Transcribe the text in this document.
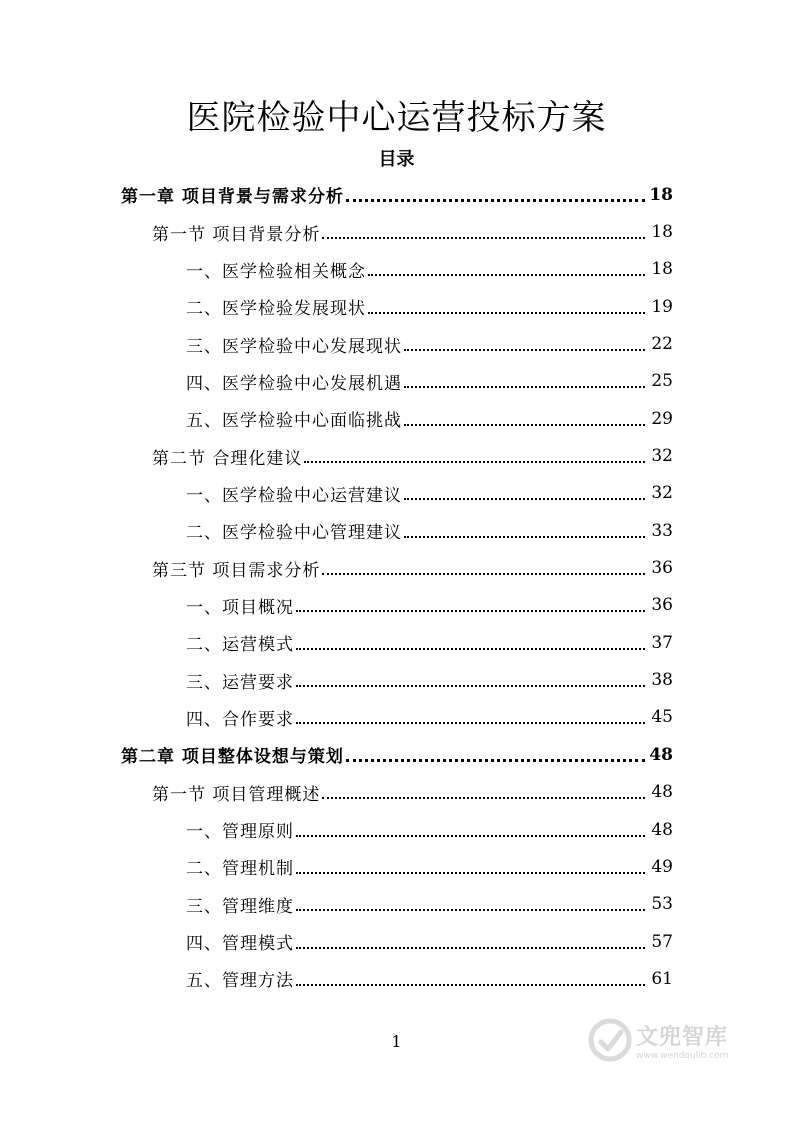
医院检验中心运营投标方案
目录
第一章 项目背景与需求分析	18
第一节 项目背景分析	18
一、医学检验相关概念	18
二、医学检验发展现状	19
三、医学检验中心发展现状	22
四、医学检验中心发展机遇	25
五、医学检验中心面临挑战	29
第二节 合理化建议	32
一、医学检验中心运营建议	32
二、医学检验中心管理建议	33
第三节 项目需求分析	36
一、项目概况	36
二、运营模式	37
三、运营要求	38
四、合作要求	45
第二章 项目整体设想与策划	48
第一节 项目管理概述	48
一、管理原则	48
二、管理机制	49
三、管理维度	53
四、管理模式	57
五、管理方法	61
1	文兜智库
www.wendoulib.com
